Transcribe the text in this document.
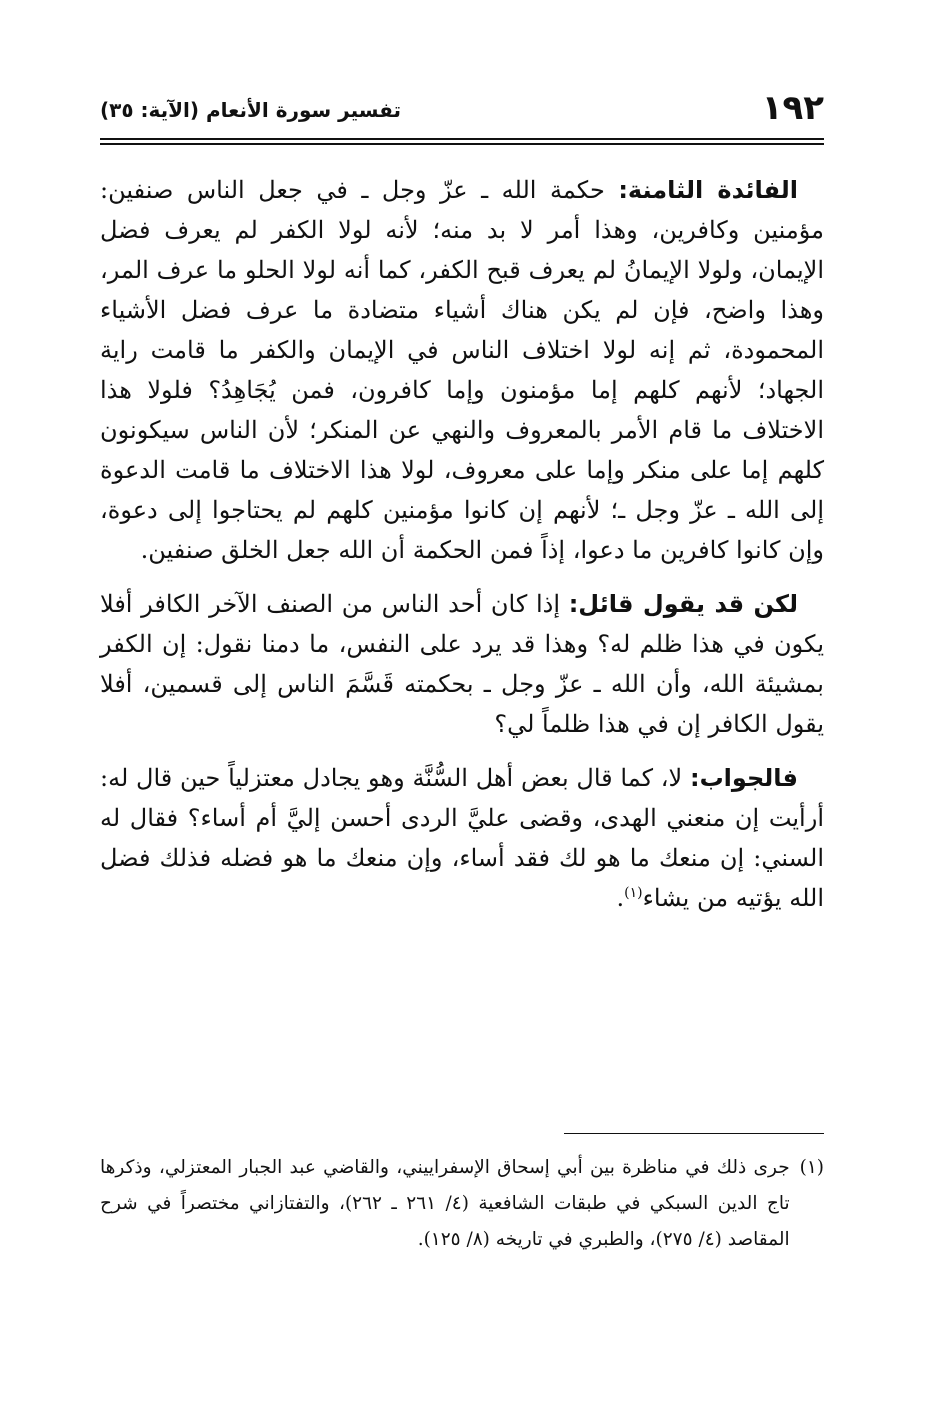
١٩٢
تفسير سورة الأنعام (الآية: ٣٥)

الفائدة الثامنة: حكمة الله ـ عزّ وجل ـ في جعل الناس صنفين: مؤمنين وكافرين، وهذا أمر لا بد منه؛ لأنه لولا الكفر لم يعرف فضل الإيمان، ولولا الإيمانُ لم يعرف قبح الكفر، كما أنه لولا الحلو ما عرف المر، وهذا واضح، فإن لم يكن هناك أشياء متضادة ما عرف فضل الأشياء المحمودة، ثم إنه لولا اختلاف الناس في الإيمان والكفر ما قامت راية الجهاد؛ لأنهم كلهم إما مؤمنون وإما كافرون، فمن يُجَاهِدُ؟ فلولا هذا الاختلاف ما قام الأمر بالمعروف والنهي عن المنكر؛ لأن الناس سيكونون كلهم إما على منكر وإما على معروف، لولا هذا الاختلاف ما قامت الدعوة إلى الله ـ عزّ وجل ـ؛ لأنهم إن كانوا مؤمنين كلهم لم يحتاجوا إلى دعوة، وإن كانوا كافرين ما دعوا، إذاً فمن الحكمة أن الله جعل الخلق صنفين.

لكن قد يقول قائل: إذا كان أحد الناس من الصنف الآخر الكافر أفلا يكون في هذا ظلم له؟ وهذا قد يرد على النفس، ما دمنا نقول: إن الكفر بمشيئة الله، وأن الله ـ عزّ وجل ـ بحكمته قَسَّمَ الناس إلى قسمين، أفلا يقول الكافر إن في هذا ظلماً لي؟

فالجواب: لا، كما قال بعض أهل السُّنَّة وهو يجادل معتزلياً حين قال له: أرأيت إن منعني الهدى، وقضى عليَّ الردى أحسن إليَّ أم أساء؟ فقال له السني: إن منعك ما هو لك فقد أساء، وإن منعك ما هو فضله فذلك فضل الله يؤتيه من يشاء$^{(١)}$.

(١)
جرى ذلك في مناظرة بين أبي إسحاق الإسفراييني، والقاضي عبد الجبار المعتزلي، وذكرها تاج الدين السبكي في طبقات الشافعية (٤/ ٢٦١ ـ ٢٦٢)، والتفتازاني مختصراً في شرح المقاصد (٤/ ٢٧٥)، والطبري في تاريخه (٨/ ١٢٥).
